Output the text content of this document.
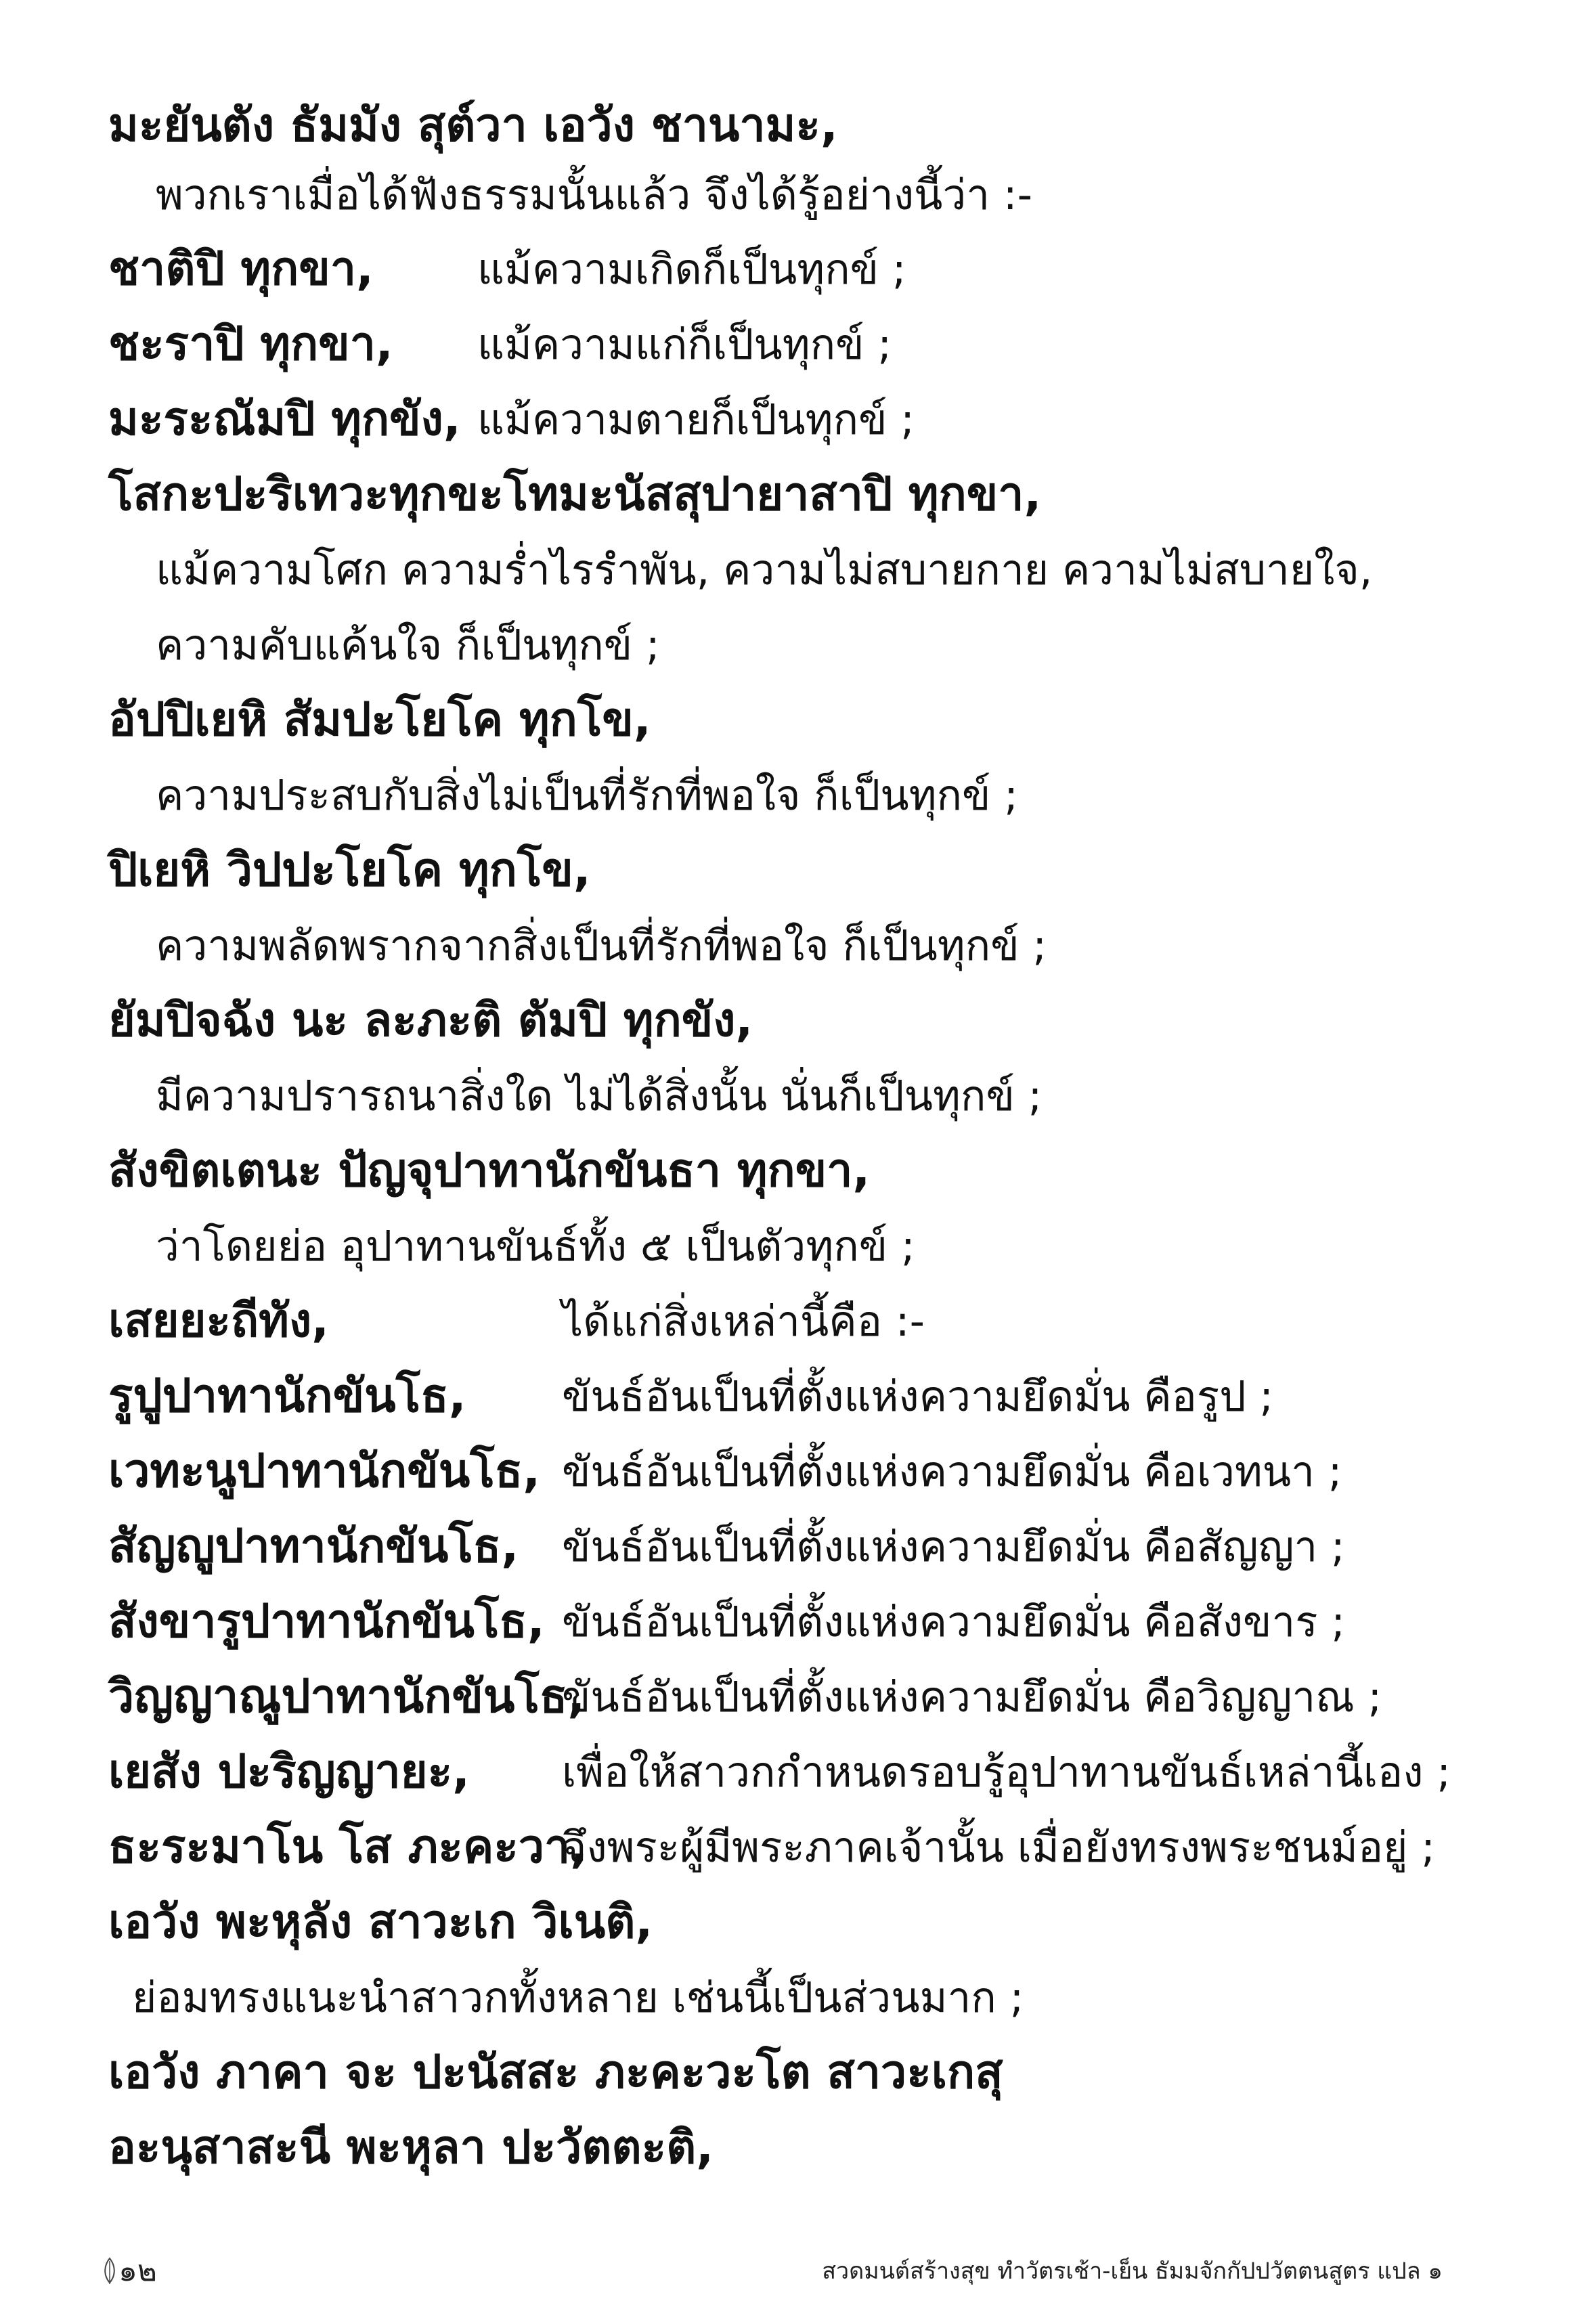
มะยันตัง ธัมมัง สุต์วา เอวัง ชานามะ,
พวกเราเมื่อได้ฟังธรรมนั้นแล้ว จึงได้รู้อย่างนี้ว่า :-
ชาติปิ ทุกขา, แม้ความเกิดก็เป็นทุกข์ ;
ชะราปิ ทุกขา, แม้ความแก่ก็เป็นทุกข์ ;
มะระณัมปิ ทุกขัง, แม้ความตายก็เป็นทุกข์ ;
โสกะปะริเทวะทุกขะโทมะนัสสุปายาสาปิ ทุกขา,
แม้ความโศก ความร่ำไรรำพัน, ความไม่สบายกาย ความไม่สบายใจ,
ความคับแค้นใจ ก็เป็นทุกข์ ;
อัปปิเยหิ สัมปะโยโค ทุกโข,
ความประสบกับสิ่งไม่เป็นที่รักที่พอใจ ก็เป็นทุกข์ ;
ปิเยหิ วิปปะโยโค ทุกโข,
ความพลัดพรากจากสิ่งเป็นที่รักที่พอใจ ก็เป็นทุกข์ ;
ยัมปิจฉัง นะ ละภะติ ตัมปิ ทุกขัง,
มีความปรารถนาสิ่งใด ไม่ได้สิ่งนั้น นั่นก็เป็นทุกข์ ;
สังขิตเตนะ ปัญจุปาทานักขันธา ทุกขา,
ว่าโดยย่อ อุปาทานขันธ์ทั้ง ๕ เป็นตัวทุกข์ ;
เสยยะถีทัง,	ได้แก่สิ่งเหล่านี้คือ :-
รูปูปาทานักขันโธ, ขันธ์อันเป็นที่ตั้งแห่งความยึดมั่น คือรูป ;
เวทะนูปาทานักขันโธ, ขันธ์อันเป็นที่ตั้งแห่งความยึดมั่น คือเวทนา ;
สัญญูปาทานักขันโธ, ขันธ์อันเป็นที่ตั้งแห่งความยึดมั่น คือสัญญา ;
สังขารูปาทานักขันโธ, ขันธ์อันเป็นที่ตั้งแห่งความยึดมั่น คือสังขาร ;
วิญญาณูปาทานักขันโธ,
ขันธ์อันเป็นที่ตั้งแห่งความยึดมั่น คือวิญญาณ ;
เยสัง ปะริญญายะ, เพื่อให้สาวกกำหนดรอบรู้อุปาทานขันธ์เหล่านี้เอง ;
ธะระมาโน โส ภะคะวา,
จึงพระผู้มีพระภาคเจ้านั้น เมื่อยังทรงพระชนม์อยู่ ;
เอวัง พะหุลัง สาวะเก วิเนติ,
ย่อมทรงแนะนำสาวกทั้งหลาย เช่นนี้เป็นส่วนมาก ;
เอวัง ภาคา จะ ปะนัสสะ ภะคะวะโต สาวะเกสุ
อะนุสาสะนี พะหุลา ปะวัตตะติ,
๑๒	สวดมนต์สร้างสุข ทำวัตรเช้า-เย็น ธัมมจักกัปปวัตตนสูตร แปล ๑
